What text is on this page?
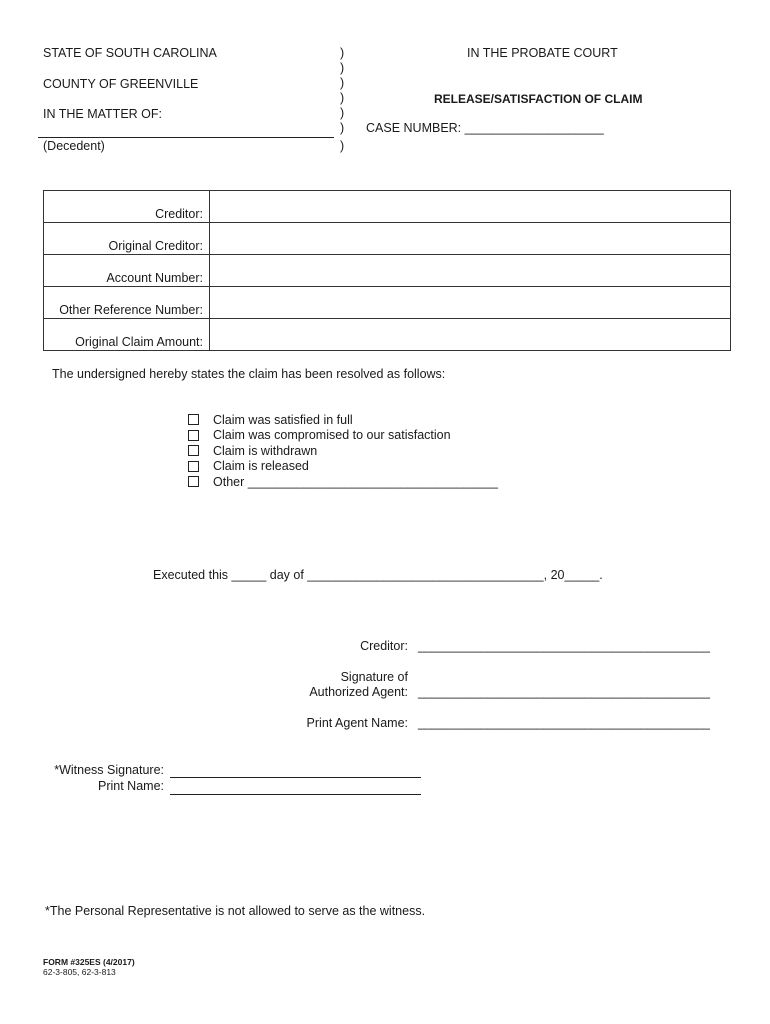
STATE OF SOUTH CAROLINA
COUNTY OF GREENVILLE
IN THE MATTER OF:
(Decedent)
)
)
)
)
)
)
)
IN THE PROBATE COURT
RELEASE/SATISFACTION OF CLAIM
CASE NUMBER: ____________________
Creditor:	
Original Creditor:	
Account Number:	
Other Reference Number:	
Original Claim Amount:	
The undersigned hereby states the claim has been resolved as follows:
Claim was satisfied in full
Claim was compromised to our satisfaction
Claim is withdrawn
Claim is released
Other ____________________________________
Executed this _____ day of __________________________________, 20_____.
Creditor: __________________________________________
Signature of
Authorized Agent: __________________________________________
Print Agent Name: __________________________________________
*Witness Signature:
Print Name:
*The Personal Representative is not allowed to serve as the witness.
FORM #325ES (4/2017)
62-3-805, 62-3-813
